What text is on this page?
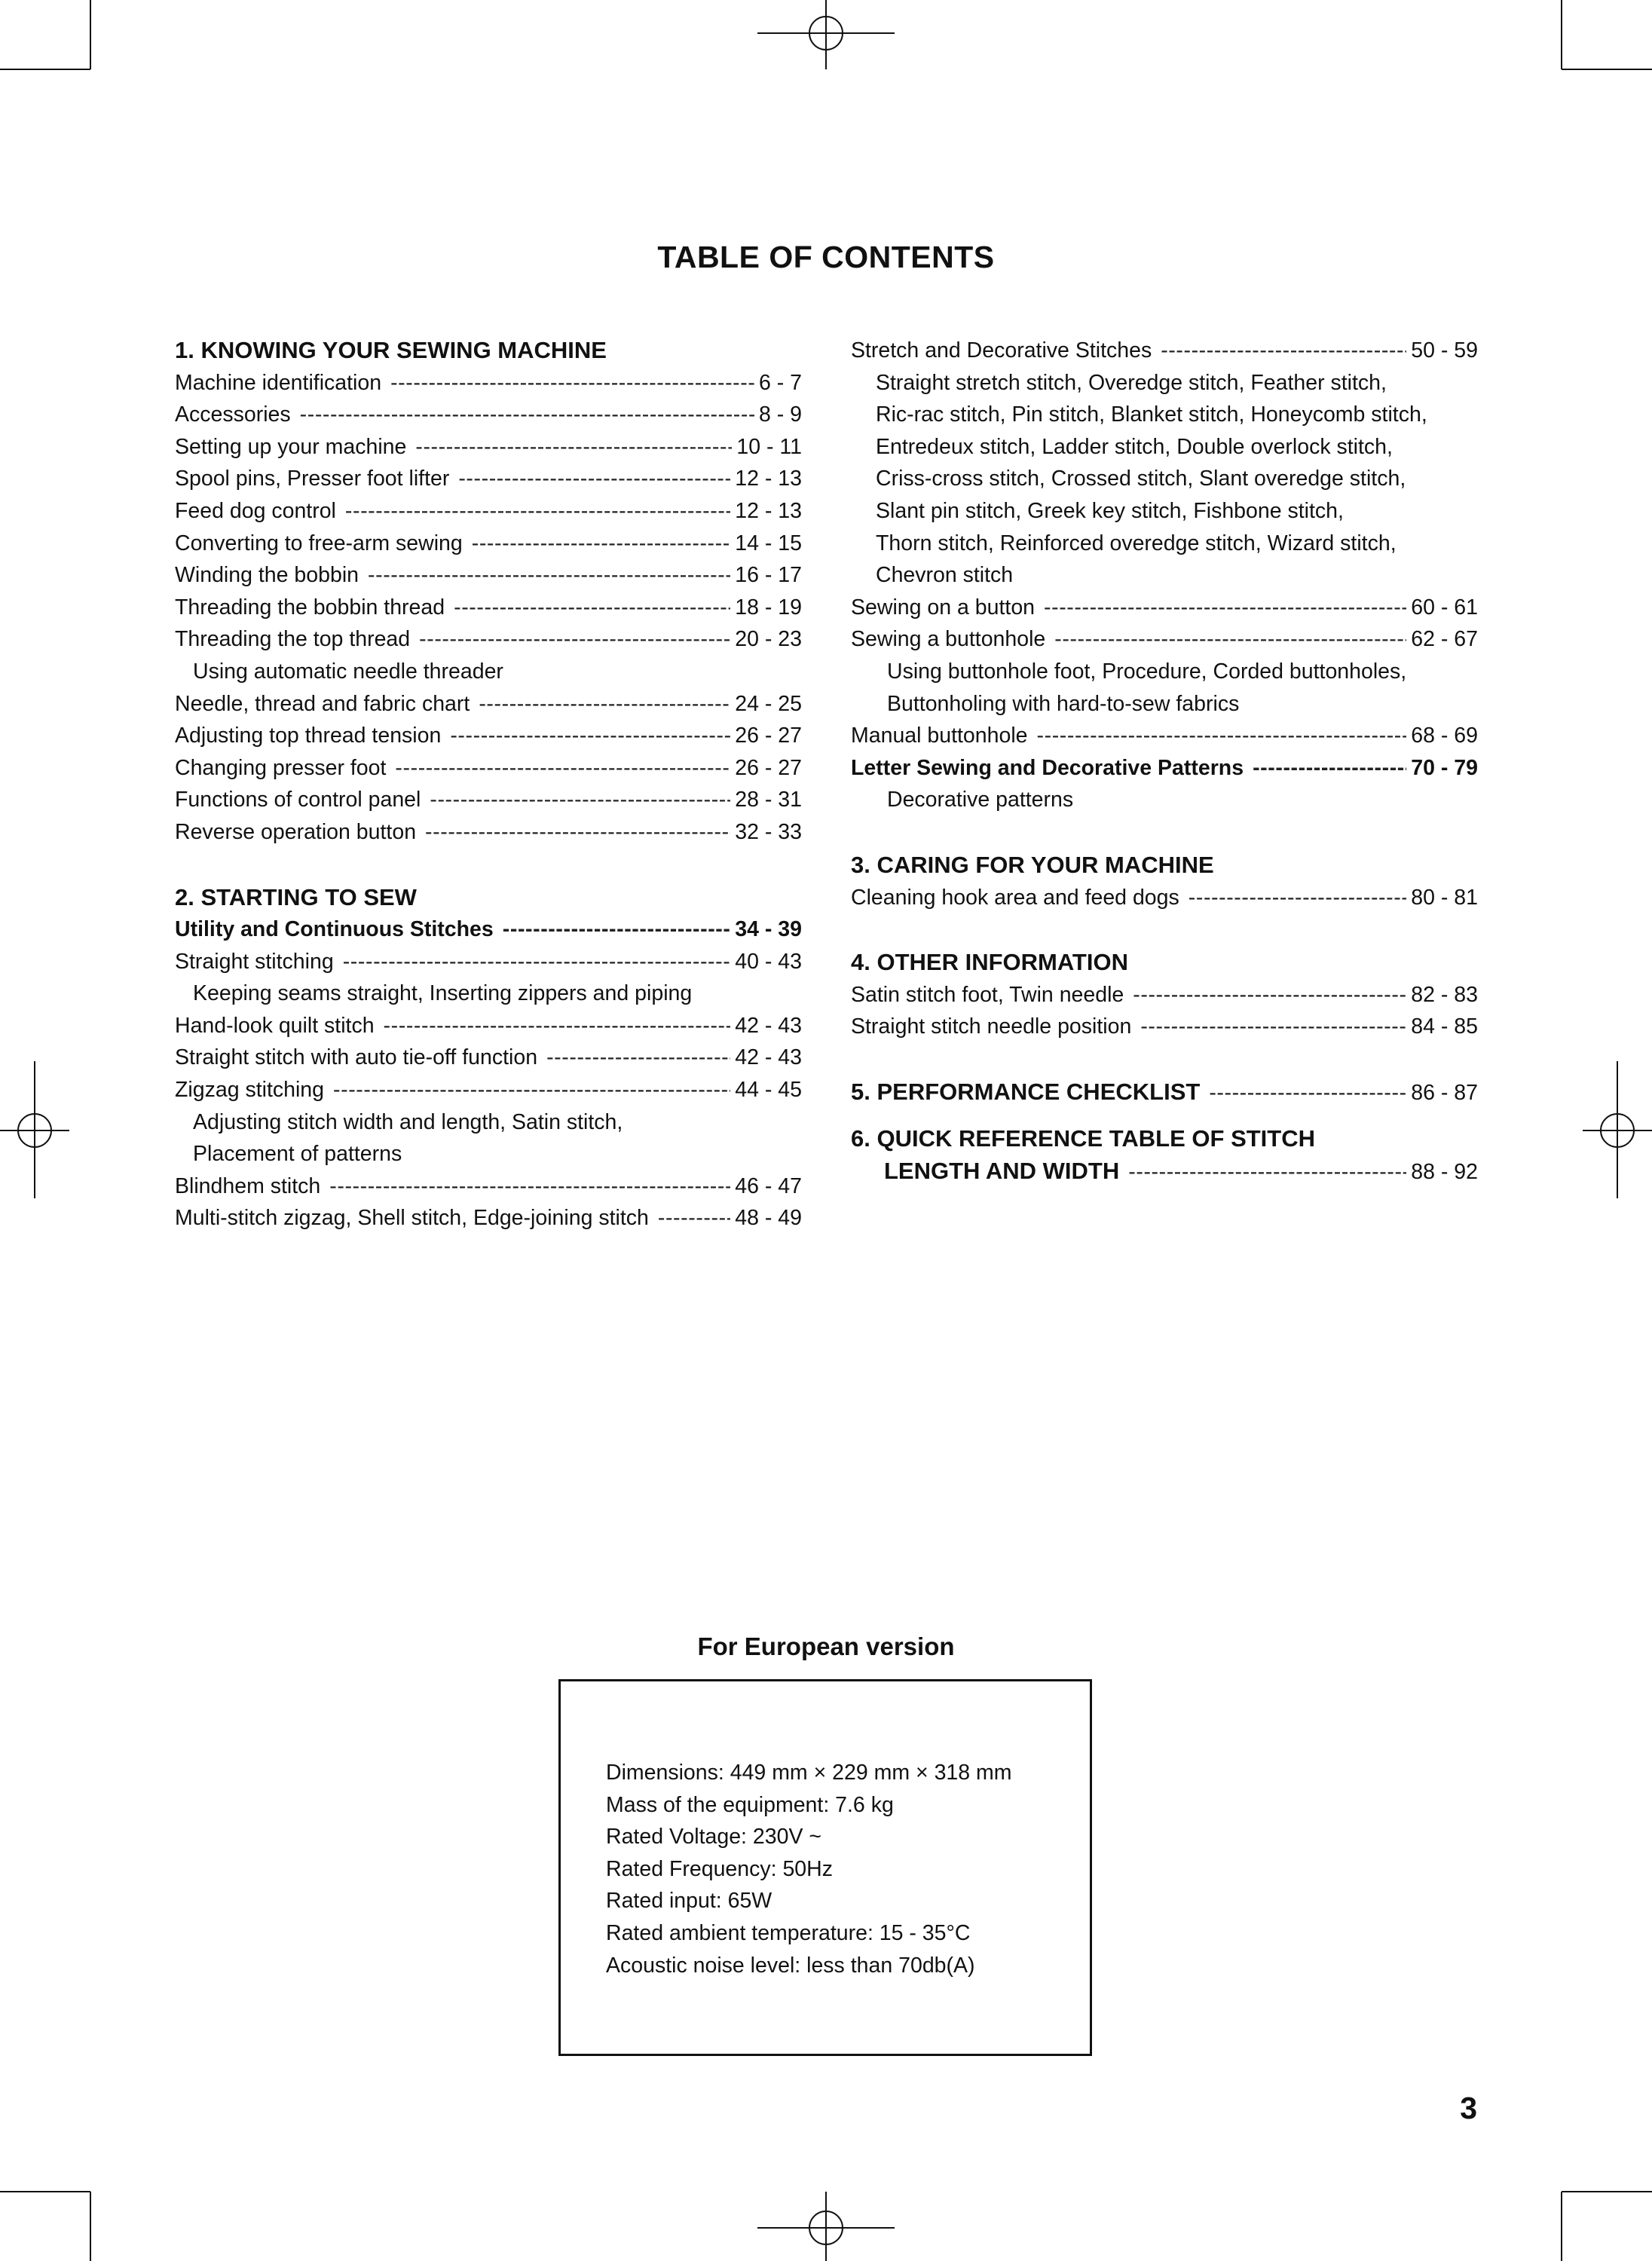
TABLE OF CONTENTS
1. KNOWING YOUR SEWING MACHINE
Machine identification -----	6 - 7
Accessories -----	8 - 9
Setting up your machine -----	10 - 11
Spool pins, Presser foot lifter -----	12 - 13
Feed dog control -----	12 - 13
Converting to free-arm sewing -----	14 - 15
Winding the bobbin -----	16 - 17
Threading the bobbin thread -----	18 - 19
Threading the top thread -----	20 - 23
Using automatic needle threader
Needle, thread and fabric chart -----	24 - 25
Adjusting top thread tension -----	26 - 27
Changing presser foot -----	26 - 27
Functions of control panel -----	28 - 31
Reverse operation button -----	32 - 33
2. STARTING TO SEW
Utility and Continuous Stitches -----	34 - 39
Straight stitching -----	40 - 43
Keeping seams straight, Inserting zippers and piping
Hand-look quilt stitch -----	42 - 43
Straight stitch with auto tie-off function -----	42 - 43
Zigzag stitching -----	44 - 45
Adjusting stitch width and length, Satin stitch,
Placement of patterns
Blindhem stitch -----	46 - 47
Multi-stitch zigzag, Shell stitch, Edge-joining stitch -----	48 - 49
Stretch and Decorative Stitches -----	50 - 59
Straight stretch stitch, Overedge stitch, Feather stitch,
Ric-rac stitch, Pin stitch, Blanket stitch, Honeycomb stitch,
Entredeux stitch, Ladder stitch, Double overlock stitch,
Criss-cross stitch, Crossed stitch, Slant overedge stitch,
Slant pin stitch, Greek key stitch, Fishbone stitch,
Thorn stitch, Reinforced overedge stitch, Wizard stitch,
Chevron stitch
Sewing on a button -----	60 - 61
Sewing a buttonhole -----	62 - 67
Using buttonhole foot, Procedure, Corded buttonholes,
Buttonholing with hard-to-sew fabrics
Manual buttonhole -----	68 - 69
Letter Sewing and Decorative Patterns -----	70 - 79
Decorative patterns
3. CARING FOR YOUR MACHINE
Cleaning hook area and feed dogs -----	80 - 81
4. OTHER INFORMATION
Satin stitch foot, Twin needle -----	82 - 83
Straight stitch needle position -----	84 - 85
5. PERFORMANCE CHECKLIST -----	86 - 87
6. QUICK REFERENCE TABLE OF STITCH
LENGTH AND WIDTH -----	88 - 92
For European version
Dimensions: 449 mm × 229 mm × 318 mm
Mass of the equipment: 7.6 kg
Rated Voltage: 230V ~
Rated Frequency: 50Hz
Rated input: 65W
Rated ambient temperature: 15 - 35°C
Acoustic noise level: less than 70db(A)
3
